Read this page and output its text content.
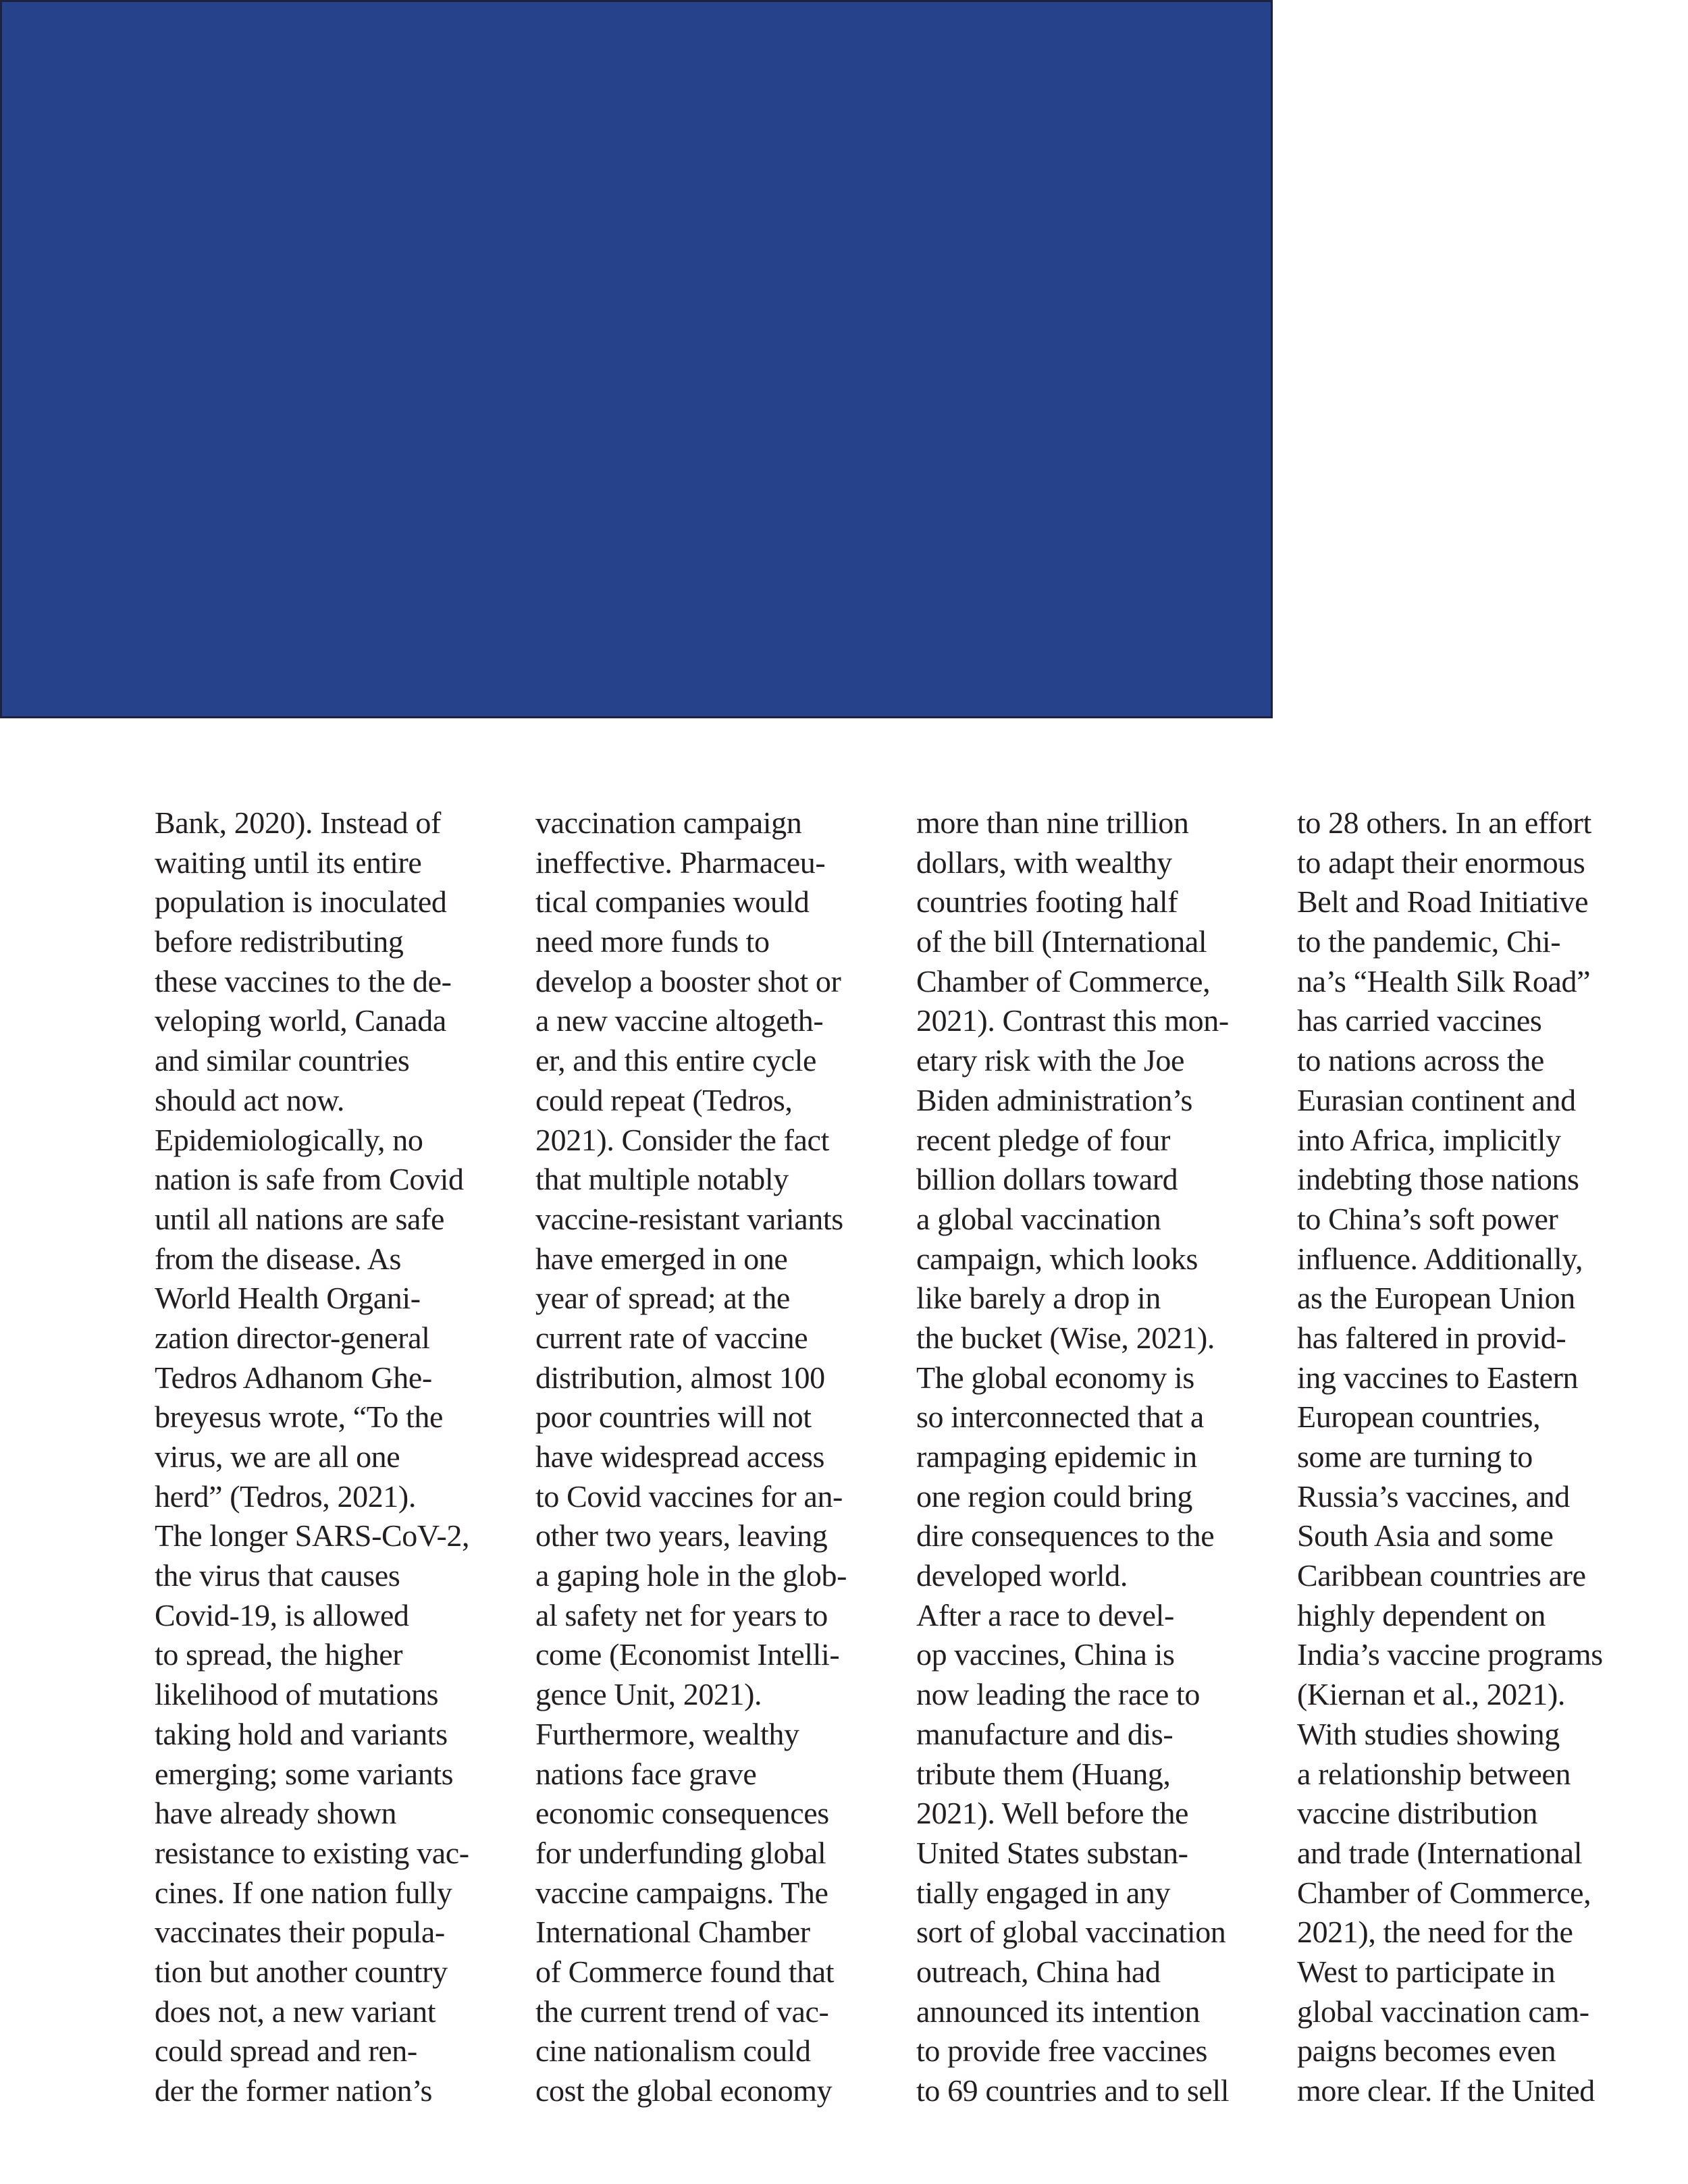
Bank, 2020). Instead of
waiting until its entire
population is inoculated
before redistributing
these vaccines to the de-
veloping world, Canada
and similar countries
should act now.
Epidemiologically, no
nation is safe from Covid
until all nations are safe
from the disease. As
World Health Organi-
zation director-general
Tedros Adhanom Ghe-
breyesus wrote, “To the
virus, we are all one
herd” (Tedros, 2021).
The longer SARS-CoV-2,
the virus that causes
Covid-19, is allowed
to spread, the higher
likelihood of mutations
taking hold and variants
emerging; some variants
have already shown
resistance to existing vac-
cines. If one nation fully
vaccinates their popula-
tion but another country
does not, a new variant
could spread and ren-
der the former nation’s
vaccination campaign
ineffective. Pharmaceu-
tical companies would
need more funds to
develop a booster shot or
a new vaccine altogeth-
er, and this entire cycle
could repeat (Tedros,
2021). Consider the fact
that multiple notably
vaccine-resistant variants
have emerged in one
year of spread; at the
current rate of vaccine
distribution, almost 100
poor countries will not
have widespread access
to Covid vaccines for an-
other two years, leaving
a gaping hole in the glob-
al safety net for years to
come (Economist Intelli-
gence Unit, 2021).
Furthermore, wealthy
nations face grave
economic consequences
for underfunding global
vaccine campaigns. The
International Chamber
of Commerce found that
the current trend of vac-
cine nationalism could
cost the global economy
more than nine trillion
dollars, with wealthy
countries footing half
of the bill (International
Chamber of Commerce,
2021). Contrast this mon-
etary risk with the Joe
Biden administration’s
recent pledge of four
billion dollars toward
a global vaccination
campaign, which looks
like barely a drop in
the bucket (Wise, 2021).
The global economy is
so interconnected that a
rampaging epidemic in
one region could bring
dire consequences to the
developed world.
After a race to devel-
op vaccines, China is
now leading the race to
manufacture and dis-
tribute them (Huang,
2021). Well before the
United States substan-
tially engaged in any
sort of global vaccination
outreach, China had
announced its intention
to provide free vaccines
to 69 countries and to sell
to 28 others. In an effort
to adapt their enormous
Belt and Road Initiative
to the pandemic, Chi-
na’s “Health Silk Road”
has carried vaccines
to nations across the
Eurasian continent and
into Africa, implicitly
indebting those nations
to China’s soft power
influence. Additionally,
as the European Union
has faltered in provid-
ing vaccines to Eastern
European countries,
some are turning to
Russia’s vaccines, and
South Asia and some
Caribbean countries are
highly dependent on
India’s vaccine programs
(Kiernan et al., 2021).
With studies showing
a relationship between
vaccine distribution
and trade (International
Chamber of Commerce,
2021), the need for the
West to participate in
global vaccination cam-
paigns becomes even
more clear. If the United
